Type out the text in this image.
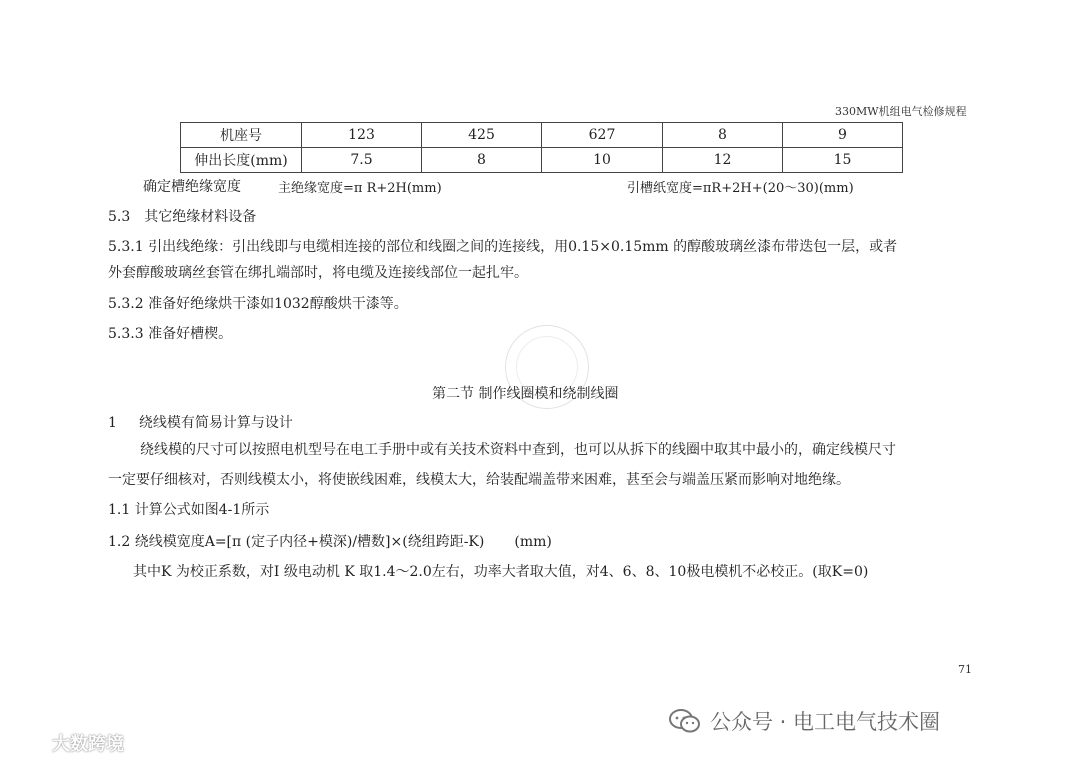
330MW机组电气检修规程
机座号	123	425	627	8	9
伸出长度(mm)	7.5	8	10	12	15
确定槽绝缘宽度	主绝缘宽度=π R+2H(mm)	引槽纸宽度=πR+2H+(20～30)(mm)
5.3 其它绝缘材料设备
5.3.1 引出线绝缘：引出线即与电缆相连接的部位和线圈之间的连接线，用0.15×0.15mm 的醇酸玻璃丝漆布带迭包一层，或者
外套醇酸玻璃丝套管在绑扎端部时，将电缆及连接线部位一起扎牢。
5.3.2 准备好绝缘烘干漆如1032醇酸烘干漆等。
5.3.3 准备好槽楔。
第二节 制作线圈模和绕制线圈
1 绕线模有简易计算与设计
绕线模的尺寸可以按照电机型号在电工手册中或有关技术资料中查到，也可以从拆下的线圈中取其中最小的，确定线模尺寸
一定要仔细核对，否则线模太小，将使嵌线困难，线模太大，给装配端盖带来困难，甚至会与端盖压紧而影响对地绝缘。
1.1 计算公式如图4-1所示
1.2 绕线模宽度A=[π (定子内径+模深)/槽数]×(绕组跨距-K) (mm)
其中K 为校正系数，对I 级电动机 K 取1.4～2.0左右，功率大者取大值，对4、6、8、10极电模机不必校正。(取K=0)
71
公众号 · 电工电气技术圈
大数跨境
